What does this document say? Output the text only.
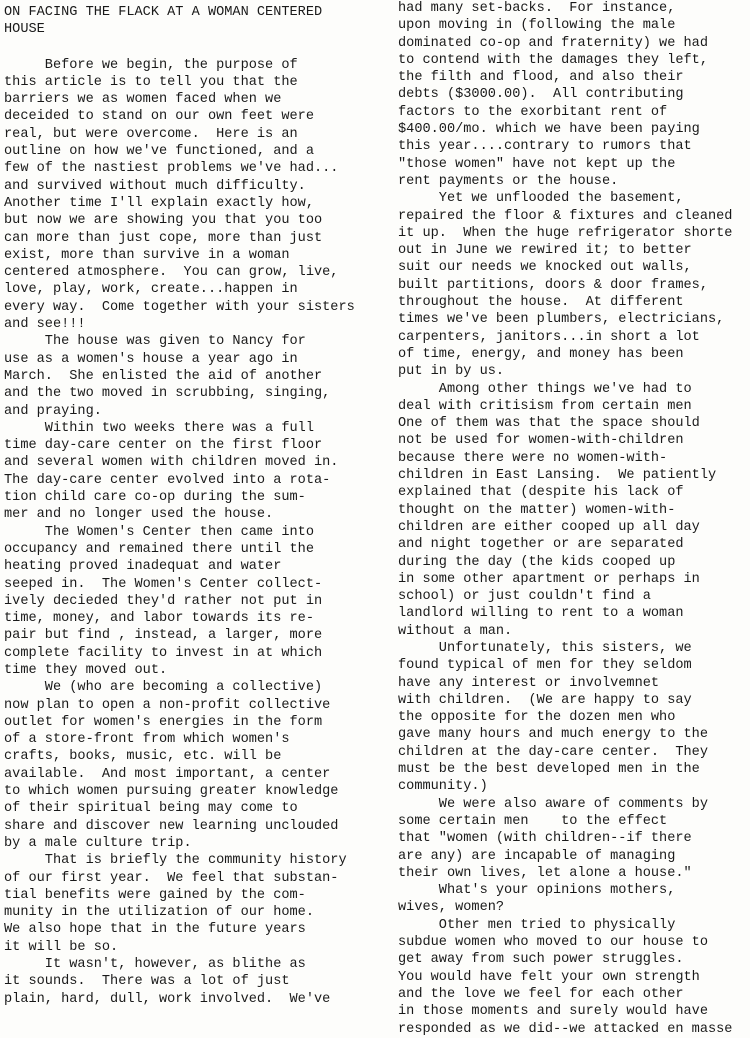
ON FACING THE FLACK AT A WOMAN CENTERED
HOUSE
Before we begin, the purpose of
this article is to tell you that the
barriers we as women faced when we
deceided to stand on our own feet were
real, but were overcome.  Here is an
outline on how we've functioned, and a
few of the nastiest problems we've had...
and survived without much difficulty.
Another time I'll explain exactly how,
but now we are showing you that you too
can more than just cope, more than just
exist, more than survive in a woman
centered atmosphere.  You can grow, live,
love, play, work, create...happen in
every way.  Come together with your sisters
and see!!!
The house was given to Nancy for
use as a women's house a year ago in
March.  She enlisted the aid of another
and the two moved in scrubbing, singing,
and praying.
Within two weeks there was a full
time day-care center on the first floor
and several women with children moved in.
The day-care center evolved into a rota-
tion child care co-op during the sum-
mer and no longer used the house.
The Women's Center then came into
occupancy and remained there until the
heating proved inadequat and water
seeped in.  The Women's Center collect-
ively decieded they'd rather not put in
time, money, and labor towards its re-
pair but find , instead, a larger, more
complete facility to invest in at which
time they moved out.
We (who are becoming a collective)
now plan to open a non-profit collective
outlet for women's energies in the form
of a store-front from which women's
crafts, books, music, etc. will be
available.  And most important, a center
to which women pursuing greater knowledge
of their spiritual being may come to
share and discover new learning unclouded
by a male culture trip.
That is briefly the community history
of our first year.  We feel that substan-
tial benefits were gained by the com-
munity in the utilization of our home.
We also hope that in the future years
it will be so.
It wasn't, however, as blithe as
it sounds.  There was a lot of just
plain, hard, dull, work involved.  We've
had many set-backs.  For instance,
upon moving in (following the male
dominated co-op and fraternity) we had
to contend with the damages they left,
the filth and flood, and also their
debts ($3000.00).  All contributing
factors to the exorbitant rent of
$400.00/mo. which we have been paying
this year....contrary to rumors that
"those women" have not kept up the
rent payments or the house.
Yet we unflooded the basement,
repaired the floor & fixtures and cleaned
it up.  When the huge refrigerator shorte
out in June we rewired it; to better
suit our needs we knocked out walls,
built partitions, doors & door frames,
throughout the house.  At different
times we've been plumbers, electricians,
carpenters, janitors...in short a lot
of time, energy, and money has been
put in by us.
Among other things we've had to
deal with critisism from certain men
One of them was that the space should
not be used for women-with-children
because there were no women-with-
children in East Lansing.  We patiently
explained that (despite his lack of
thought on the matter) women-with-
children are either cooped up all day
and night together or are separated
during the day (the kids cooped up
in some other apartment or perhaps in
school) or just couldn't find a
landlord willing to rent to a woman
without a man.
Unfortunately, this sisters, we
found typical of men for they seldom
have any interest or involvemnet
with children.  (We are happy to say
the opposite for the dozen men who
gave many hours and much energy to the
children at the day-care center.  They
must be the best developed men in the
community.)
We were also aware of comments by
some certain men    to the effect
that "women (with children--if there
are any) are incapable of managing
their own lives, let alone a house."
What's your opinions mothers,
wives, women?
Other men tried to physically
subdue women who moved to our house to
get away from such power struggles.
You would have felt your own strength
and the love we feel for each other
in those moments and surely would have
responded as we did--we attacked en masse
